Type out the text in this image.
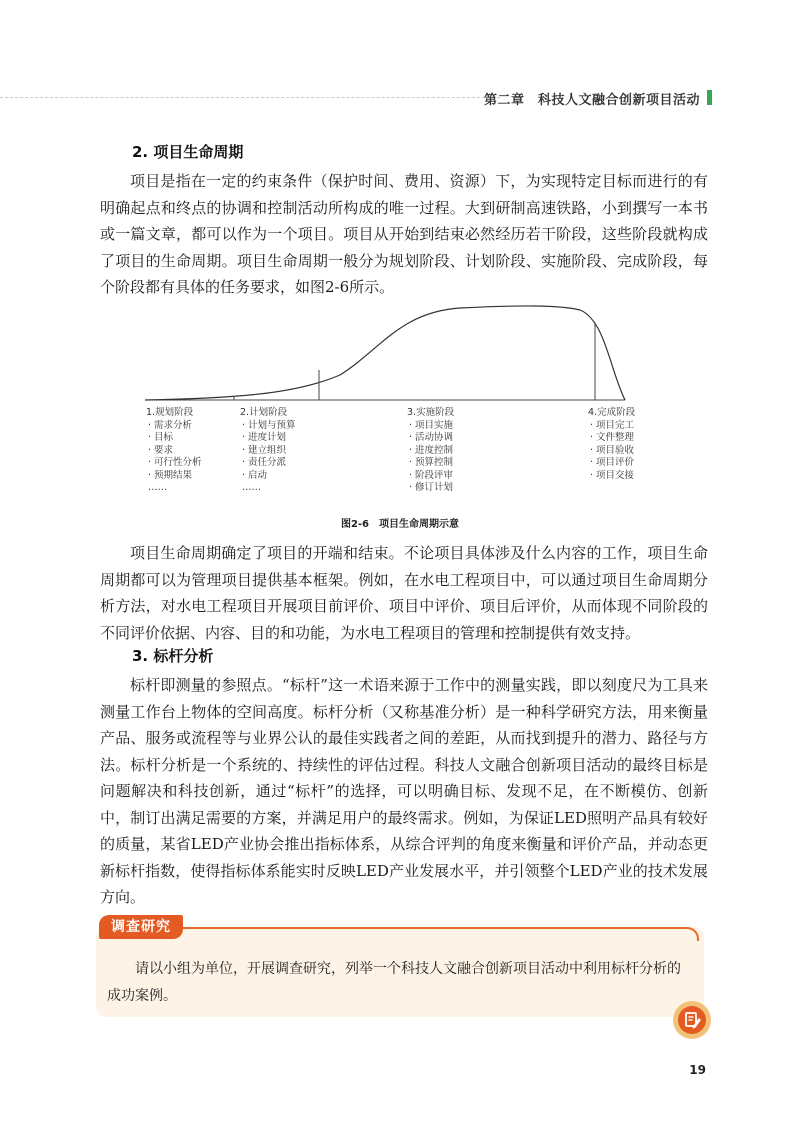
第二章　科技人文融合创新项目活动
2. 项目生命周期

项目是指在一定的约束条件（保护时间、费用、资源）下，为实现特定目标而进行的有明确起点和终点的协调和控制活动所构成的唯一过程。大到研制高速铁路，小到撰写一本书或一篇文章，都可以作为一个项目。项目从开始到结束必然经历若干阶段，这些阶段就构成了项目的生命周期。项目生命周期一般分为规划阶段、计划阶段、实施阶段、完成阶段，每个阶段都有具体的任务要求，如图2-6所示。

1.规划阶段
· 需求分析
· 目标
· 要求
· 可行性分析
· 预期结果
……
2.计划阶段
· 计划与预算
· 进度计划
· 建立组织
· 责任分派
· 启动
……
3.实施阶段
· 项目实施
· 活动协调
· 进度控制
· 预算控制
· 阶段评审
· 修订计划
4.完成阶段
· 项目完工
· 文件整理
· 项目验收
· 项目评价
· 项目交接
图2-6　项目生命周期示意

项目生命周期确定了项目的开端和结束。不论项目具体涉及什么内容的工作，项目生命周期都可以为管理项目提供基本框架。例如，在水电工程项目中，可以通过项目生命周期分析方法，对水电工程项目开展项目前评价、项目中评价、项目后评价，从而体现不同阶段的不同评价依据、内容、目的和功能，为水电工程项目的管理和控制提供有效支持。

3. 标杆分析

标杆即测量的参照点。“标杆”这一术语来源于工作中的测量实践，即以刻度尺为工具来测量工作台上物体的空间高度。标杆分析（又称基准分析）是一种科学研究方法，用来衡量产品、服务或流程等与业界公认的最佳实践者之间的差距，从而找到提升的潜力、路径与方法。标杆分析是一个系统的、持续性的评估过程。科技人文融合创新项目活动的最终目标是问题解决和科技创新，通过“标杆”的选择，可以明确目标、发现不足，在不断模仿、创新中，制订出满足需要的方案，并满足用户的最终需求。例如，为保证LED照明产品具有较好的质量，某省LED产业协会推出指标体系，从综合评判的角度来衡量和评价产品，并动态更新标杆指数，使得指标体系能实时反映LED产业发展水平，并引领整个LED产业的技术发展方向。

调查研究

请以小组为单位，开展调查研究，列举一个科技人文融合创新项目活动中利用标杆分析的成功案例。

19
